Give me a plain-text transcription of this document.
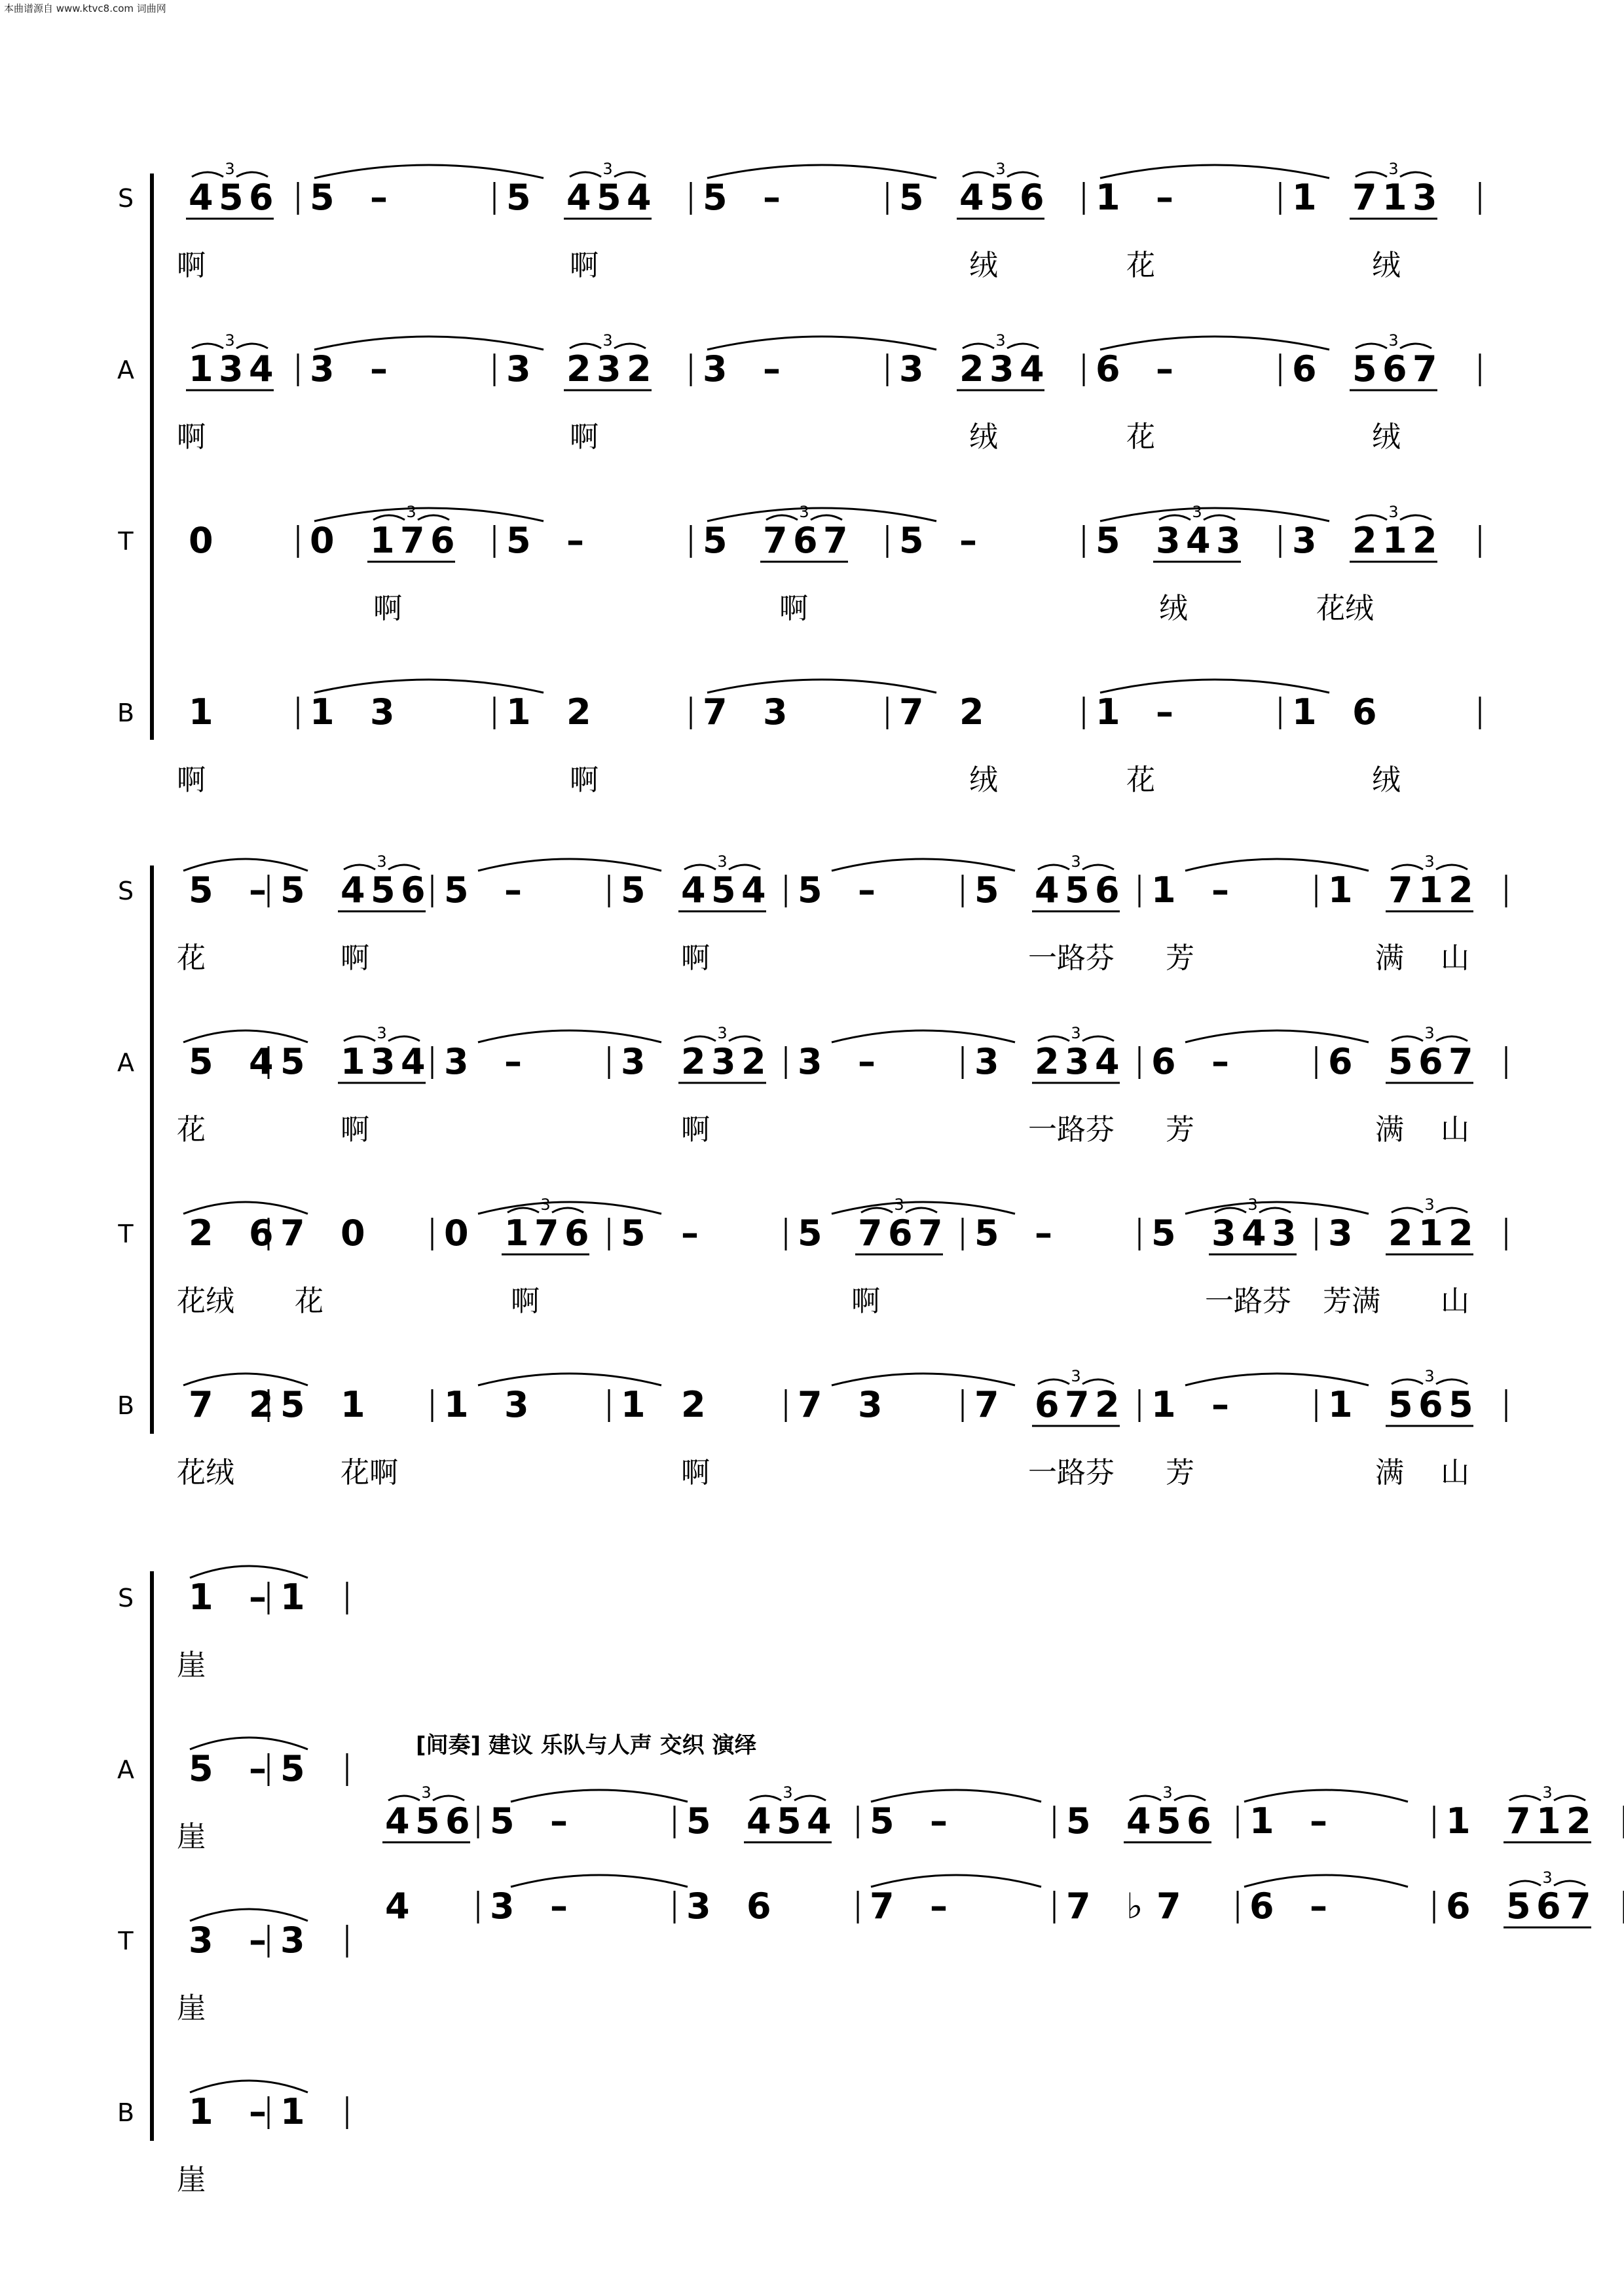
本曲谱源自 www.ktvc8.com 词曲网
S 4 5 6
3
5 –	5 4 5 4
3
5 –	5 4 5 6
3
1 –	1 7 1 3
3
啊	啊	绒	花	绒
A 1 3 4
3
3 –	3 2 3 2
3
3 –	3 2 3 4
3
6 –	6 5 6 7
3
啊	啊	绒	花	绒
T 0	0 1 7 6
3
5 –	5 7 6 7
3
5 –	5 3 4 3
3
3 2 1 2
3
啊	啊	绒	花绒
B 1	1 3	1 2	7 3	7 2	1 –	1 6
啊	啊	绒	花	绒
S 5 – 5 4 5 6
3
5 –	5 4 5 4
3
5 –	5 4 5 6
3
1 –	1 7 1 2
3
花	啊	啊	一路芬 芳	满 山
A 5 4 5 1 3 4
3
3 –	3 2 3 2
3
3 –	3 2 3 4
3
6 –	6 5 6 7
3
花	啊	啊	一路芬 芳	满 山
T 2 6 7 0 0 1 7 6
3
5 –	5 7 6 7
3
5 –	5 3 4 3
3
3 2 1 2
3
花绒 花	啊	啊	一路芬 芳满 山
B 7 2 5 1 1 3	1 2	7 3	7 6 7 2
3
1 –	1 5 6 5
3
花绒	花啊	啊	一路芬 芳	满 山
S 1 – 1
崖
A 5 – 5
崖
T 3 – 3
崖
B 1 – 1
崖
4 5 6
3
5 –	5 4 5 4
3
5 –	5 4 5 6
3
1 –	1 7 1 2
3
4 3 –	3 6	7 –	7 ♭ 7 6 –	6 5 6 7
3
[间奏] 建议 乐队与人声 交织 演绎
